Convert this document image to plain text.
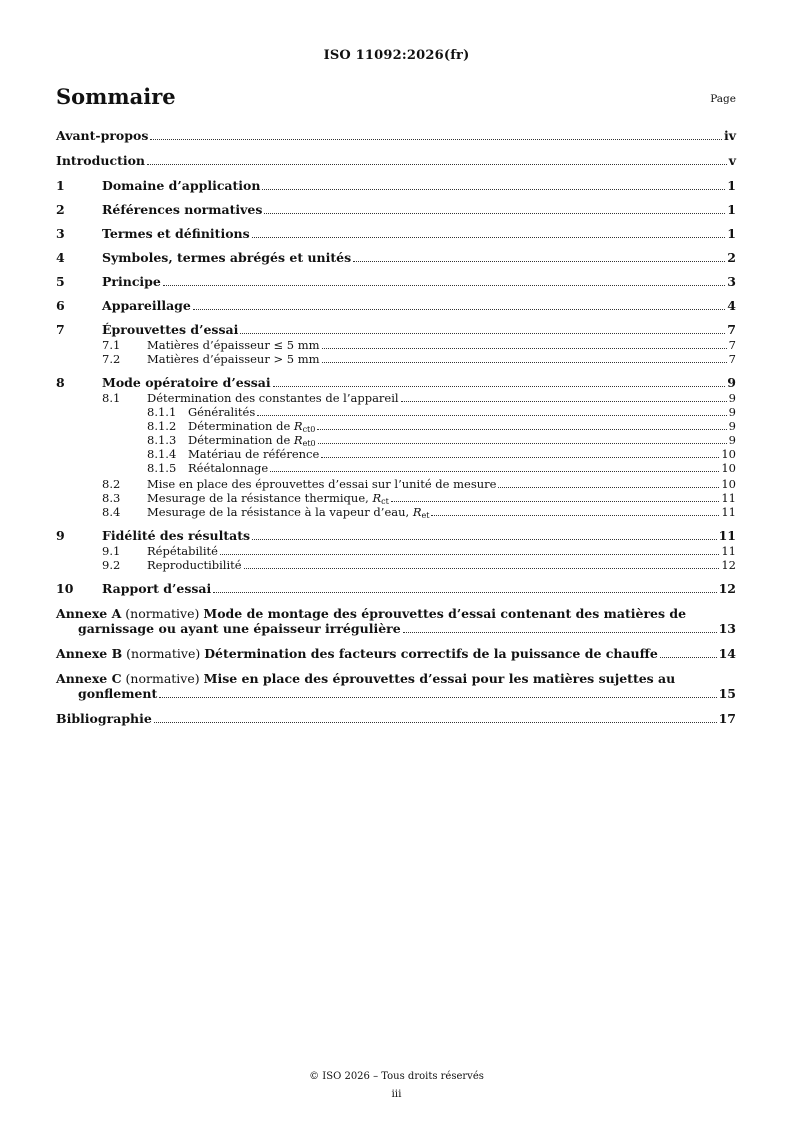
ISO 11092:2026(fr)
Sommaire	Page
Avant-propos	iv
Introduction	v
1	Domaine d’application	1
2	Références normatives	1
3	Termes et définitions	1
4	Symboles, termes abrégés et unités	2
5	Principe	3
6	Appareillage	4
7	Éprouvettes d’essai	7
7.1	Matières d’épaisseur ≤ 5 mm	7
7.2	Matières d’épaisseur > 5 mm	7
8	Mode opératoire d’essai	9
8.1	Détermination des constantes de l’appareil	9
8.1.1	Généralités	9
8.1.2	Détermination de $R_{ct0}$	9
8.1.3	Détermination de $R_{et0}$	9
8.1.4	Matériau de référence	10
8.1.5	Réétalonnage	10
8.2	Mise en place des éprouvettes d’essai sur l’unité de mesure	10
8.3	Mesurage de la résistance thermique, $R_{ct}$	11
8.4	Mesurage de la résistance à la vapeur d’eau, $R_{et}$	11
9	Fidélité des résultats	11
9.1	Répétabilité	11
9.2	Reproductibilité	12
10	Rapport d’essai	12
Annexe A (normative) Mode de montage des éprouvettes d’essai contenant des matières de
garnissage ou ayant une épaisseur irrégulière	13
Annexe B (normative) Détermination des facteurs correctifs de la puissance de chauffe	14
Annexe C (normative) Mise en place des éprouvettes d’essai pour les matières sujettes au
gonflement	15
Bibliographie	17
© ISO 2026 – Tous droits réservés
iii
